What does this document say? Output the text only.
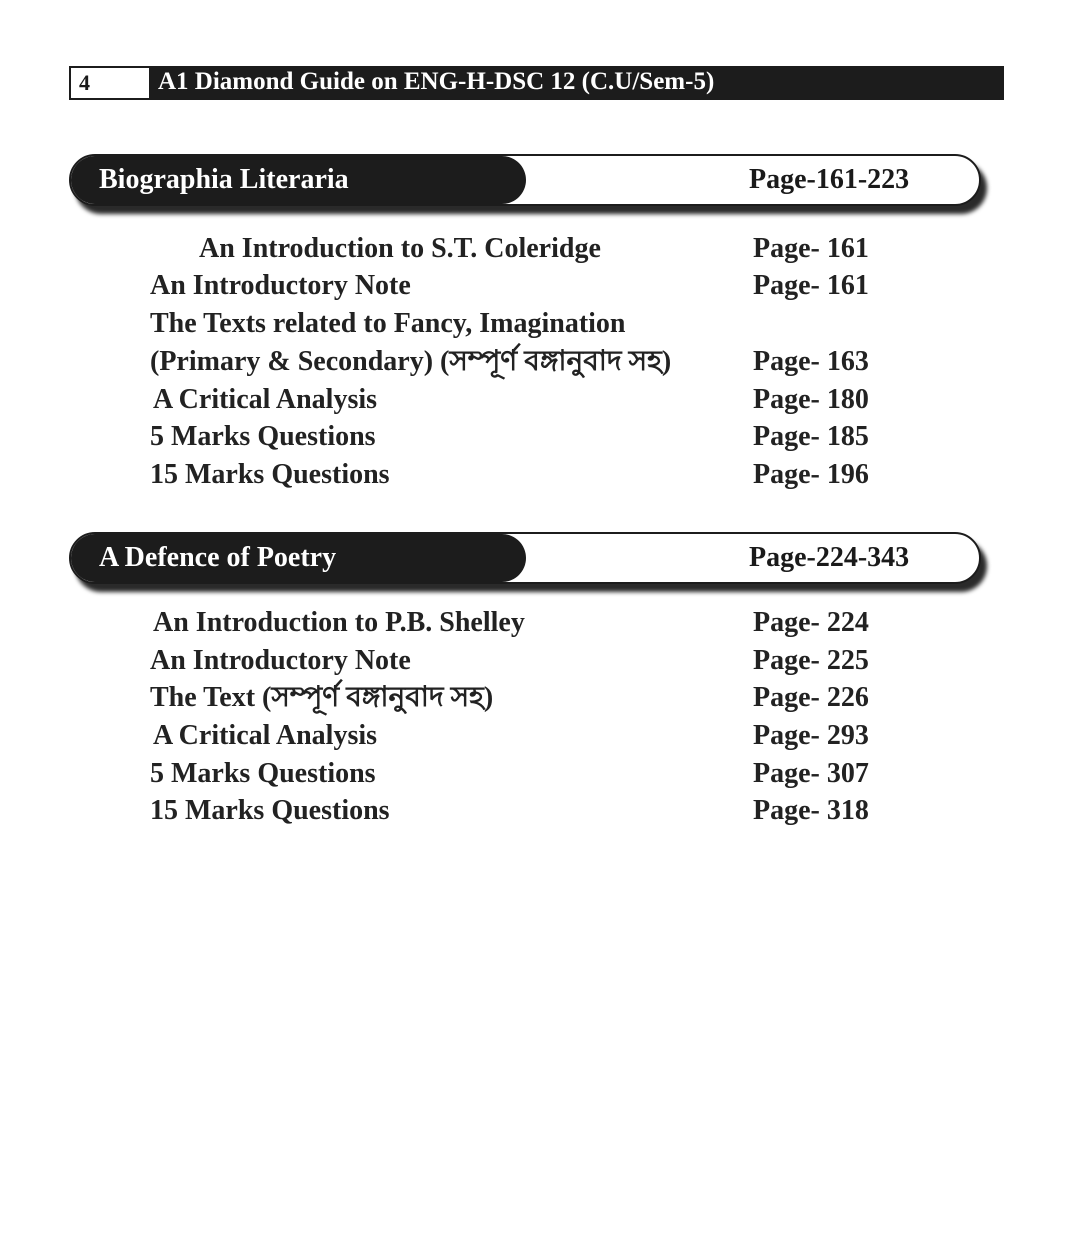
4	A1 Diamond Guide on ENG-H-DSC 12 (C.U/Sem-5)
Biographia Literaria	Page-161-223
An Introduction to S.T. Coleridge	Page- 161
An Introductory Note	Page- 161
The Texts related to Fancy, Imagination
(Primary & Secondary) (সম্পূর্ণ বঙ্গানুবাদ সহ)	Page- 163
A Critical Analysis	Page- 180
5 Marks Questions	Page- 185
15 Marks Questions	Page- 196
A Defence of Poetry	Page-224-343
An Introduction to P.B. Shelley	Page- 224
An Introductory Note	Page- 225
The Text (সম্পূর্ণ বঙ্গানুবাদ সহ)	Page- 226
A Critical Analysis	Page- 293
5 Marks Questions	Page- 307
15 Marks Questions	Page- 318
